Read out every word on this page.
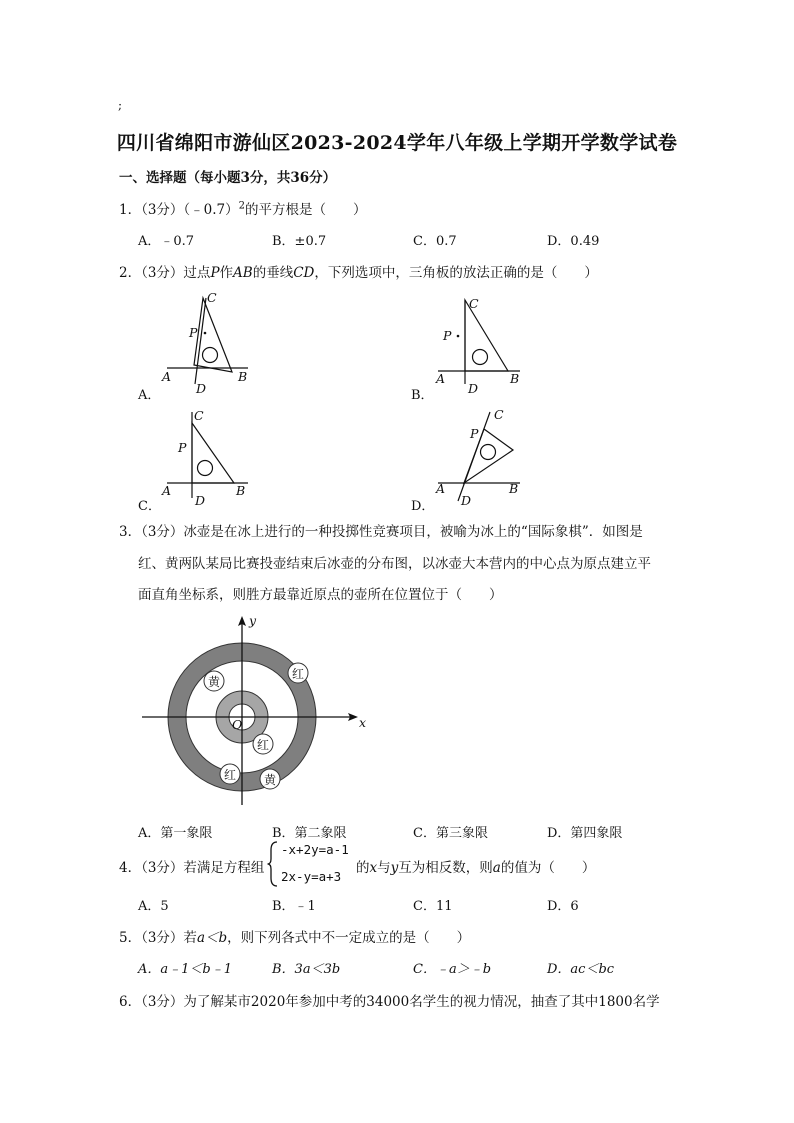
;
四川省绵阳市游仙区2023-2024学年八年级上学期开学数学试卷
一、选择题（每小题3分，共36分）
1．（3分）（﹣0.7）$^2$的平方根是（　　）
A．﹣0.7	B．±0.7	C．0.7	D．0.49
2．（3分）过点P作AB的垂线CD，下列选项中，三角板的放法正确的是（　　）
C
P
A
D
B
C
P
A
D
B
C
P
A
D
B
C
P
A
D
B
A．	B．
C．	D．
3．（3分）冰壶是在冰上进行的一种投掷性竞赛项目，被喻为冰上的“国际象棋”．如图是
红、黄两队某局比赛投壶结束后冰壶的分布图，以冰壶大本营内的中心点为原点建立平
面直角坐标系，则胜方最靠近原点的壶所在位置位于（　　）
黄
红
红
红 黄
y
x
O
A．第一象限	B．第二象限	C．第三象限	D．第四象限
4．（3分）若满足方程组
-x+2y=a-1
2x-y=a+3
的x与y互为相反数，则a的值为（　　）
A．5	B．﹣1	C．11	D．6
5．（3分）若a＜b，则下列各式中不一定成立的是（　　）
A．a﹣1＜b﹣1	B．3a＜3b	C．﹣a＞﹣b	D．ac＜bc
6．（3分）为了解某市2020年参加中考的34000名学生的视力情况，抽查了其中1800名学
